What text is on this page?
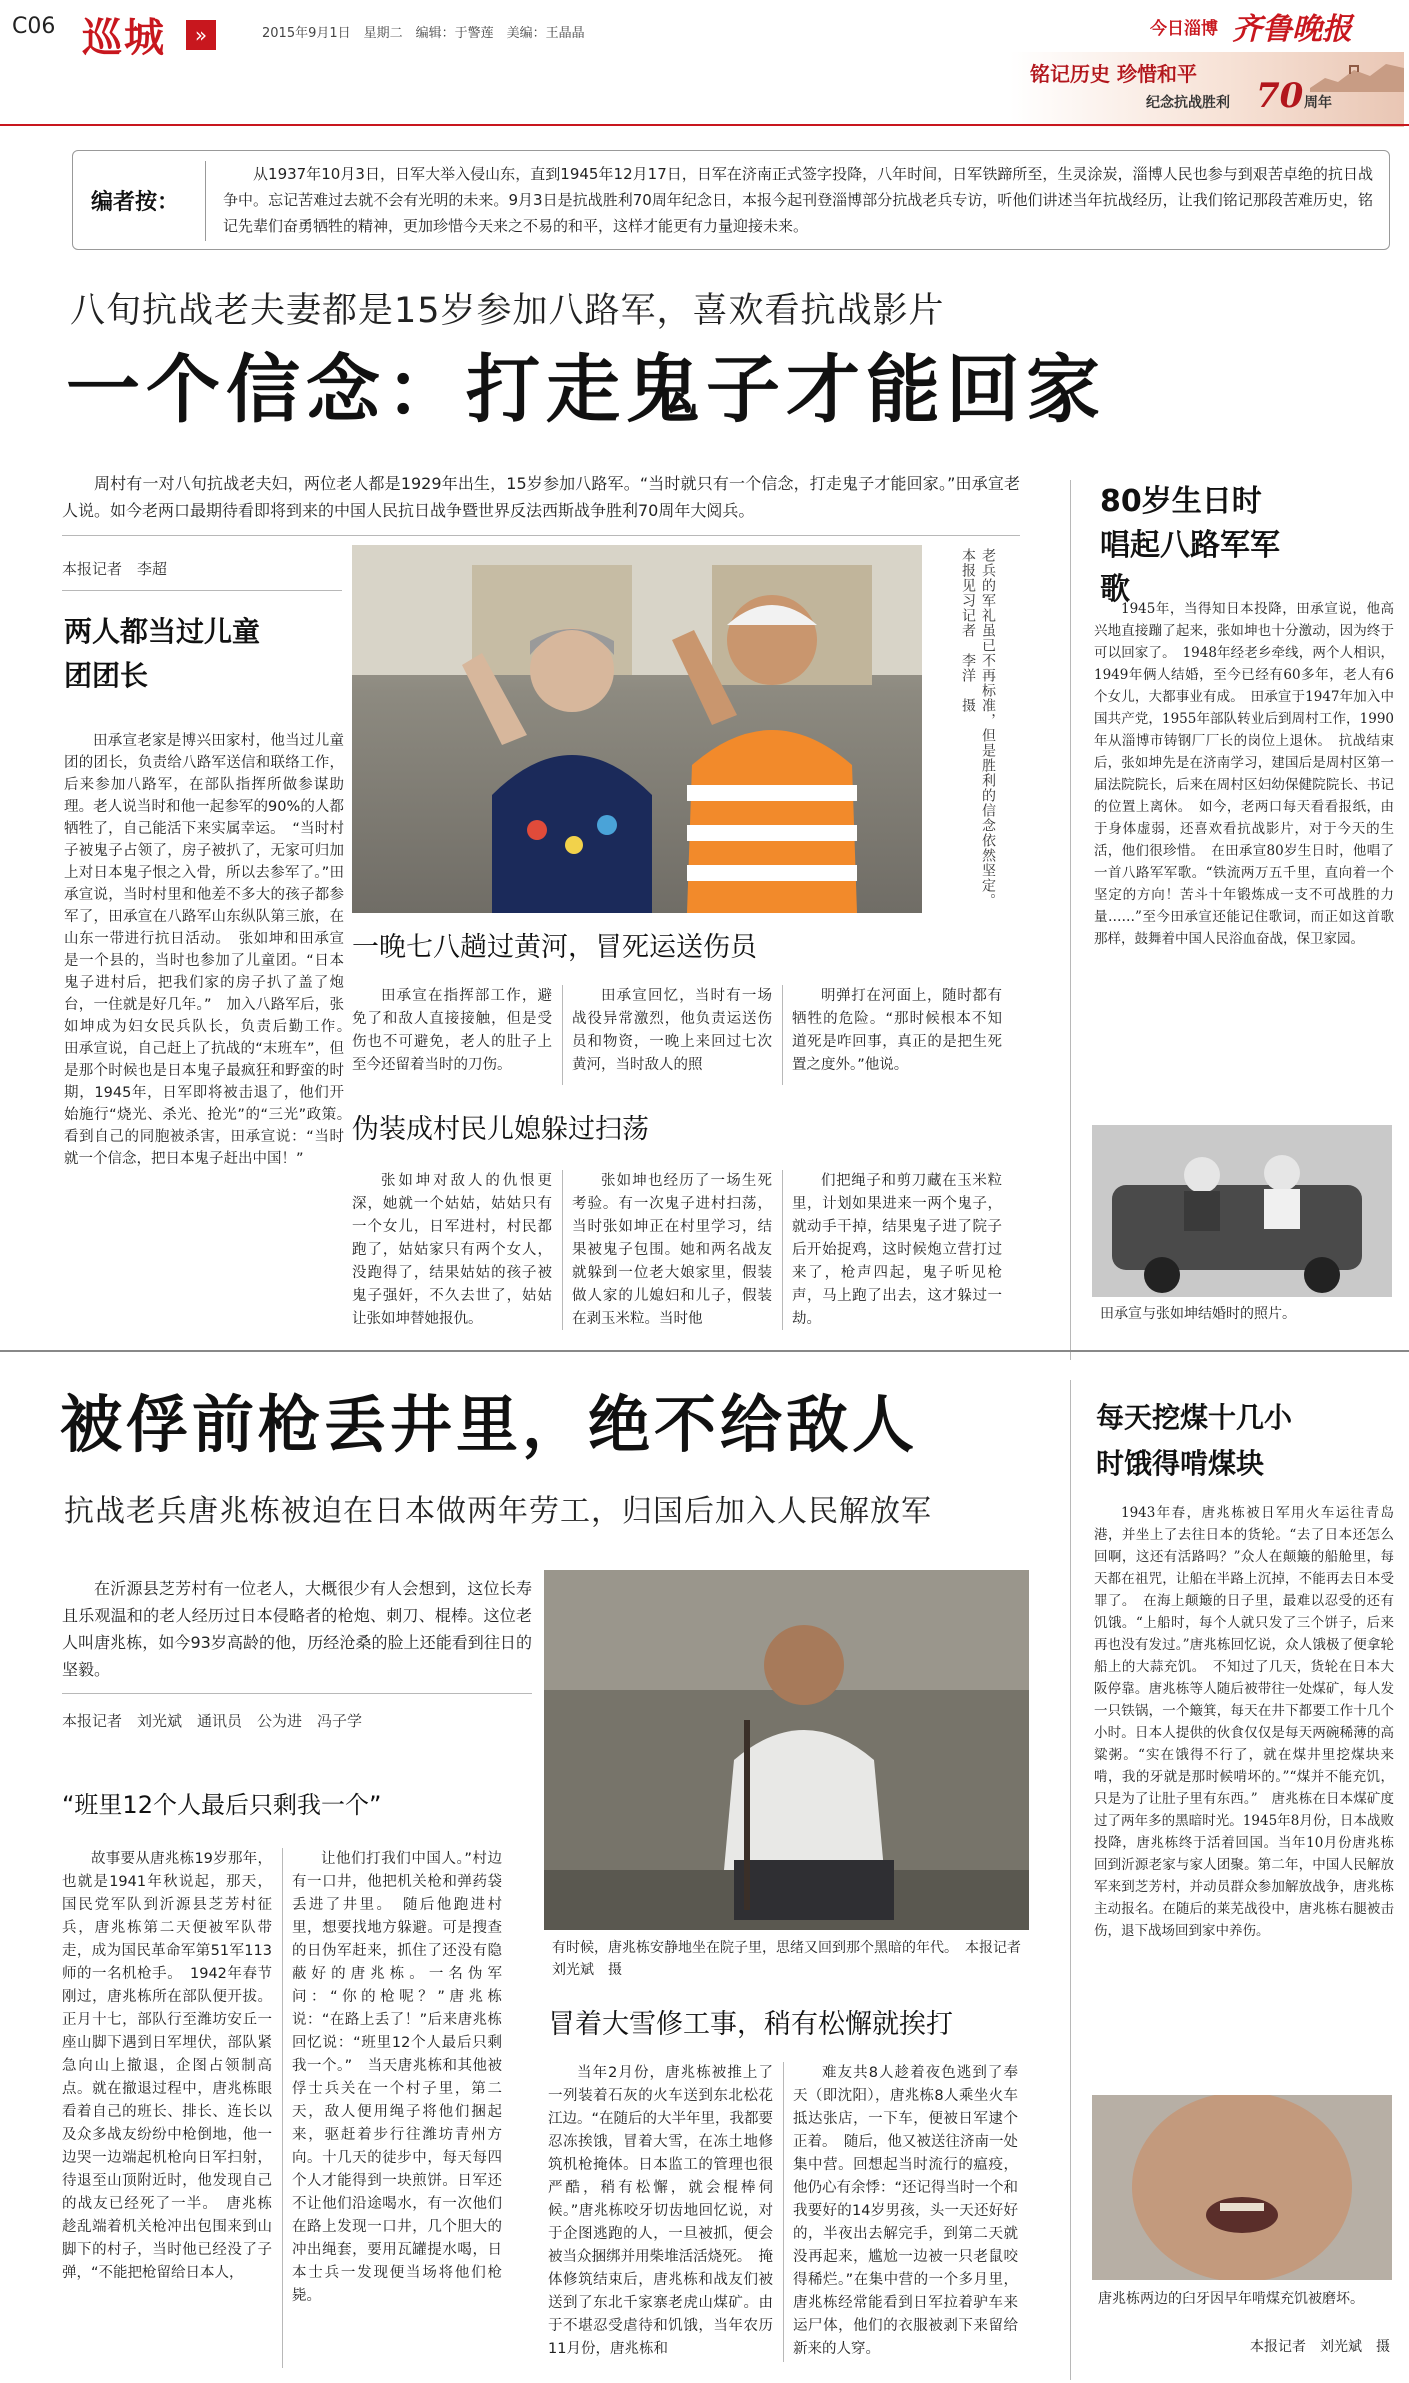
C06 巡城	»	2015年9月1日　星期二　编辑：于警莲　美编：王晶晶	今日淄博 齐鲁晚报
铭记历史 珍惜和平
纪念抗战胜利 70 周年
编者按：

从1937年10月3日，日军大举入侵山东，直到1945年12月17日，日军在济南正式签字投降，八年时间，日军铁蹄所至，生灵涂炭，淄博人民也参与到艰苦卓绝的抗日战争中。忘记苦难过去就不会有光明的未来。9月3日是抗战胜利70周年纪念日，本报今起刊登淄博部分抗战老兵专访，听他们讲述当年抗战经历，让我们铭记那段苦难历史，铭记先辈们奋勇牺牲的精神，更加珍惜今天来之不易的和平，这样才能更有力量迎接未来。

八旬抗战老夫妻都是15岁参加八路军，喜欢看抗战影片
一个信念：打走鬼子才能回家

周村有一对八旬抗战老夫妇，两位老人都是1929年出生，15岁参加八路军。“当时就只有一个信念，打走鬼子才能回家。”田承宣老人说。如今老两口最期待看即将到来的中国人民抗日战争暨世界反法西斯战争胜利70周年大阅兵。

本报记者　李超
两人都当过儿童团团长

田承宣老家是博兴田家村，他当过儿童团的团长，负责给八路军送信和联络工作，后来参加八路军，在部队指挥所做参谋助理。老人说当时和他一起参军的90%的人都牺牲了，自己能活下来实属幸运。　“当时村子被鬼子占领了，房子被扒了，无家可归加上对日本鬼子恨之入骨，所以去参军了。”田承宣说，当时村里和他差不多大的孩子都参军了，田承宣在八路军山东纵队第三旅，在山东一带进行抗日活动。　张如坤和田承宣是一个县的，当时也参加了儿童团。“日本鬼子进村后，把我们家的房子扒了盖了炮台，一住就是好几年。”　加入八路军后，张如坤成为妇女民兵队长，负责后勤工作。　田承宣说，自己赶上了抗战的“末班车”，但是那个时候也是日本鬼子最疯狂和野蛮的时期，1945年，日军即将被击退了，他们开始施行“烧光、杀光、抢光”的“三光”政策。　看到自己的同胞被杀害，田承宣说：“当时就一个信念，把日本鬼子赶出中国！”

老兵的军礼虽已不再标准，但是胜利的信念依然坚定。　本报见习记者　李洋　摄
一晚七八趟过黄河，冒死运送伤员

田承宣在指挥部工作，避免了和敌人直接接触，但是受伤也不可避免，老人的肚子上至今还留着当时的刀伤。

田承宣回忆，当时有一场战役异常激烈，他负责运送伤员和物资，一晚上来回过七次黄河，当时敌人的照

明弹打在河面上，随时都有牺牲的危险。“那时候根本不知道死是咋回事，真正的是把生死置之度外。”他说。

伪装成村民儿媳躲过扫荡

张如坤对敌人的仇恨更深，她就一个姑姑，姑姑只有一个女儿，日军进村，村民都跑了，姑姑家只有两个女人，没跑得了，结果姑姑的孩子被鬼子强奸，不久去世了，姑姑让张如坤替她报仇。

张如坤也经历了一场生死考验。有一次鬼子进村扫荡，当时张如坤正在村里学习，结果被鬼子包围。她和两名战友就躲到一位老大娘家里，假装做人家的儿媳妇和儿子，假装在剥玉米粒。当时他

们把绳子和剪刀藏在玉米粒里，计划如果进来一两个鬼子，就动手干掉，结果鬼子进了院子后开始捉鸡，这时候炮立营打过来了，枪声四起，鬼子听见枪声，马上跑了出去，这才躲过一劫。

80岁生日时唱起八路军军歌

1945年，当得知日本投降，田承宣说，他高兴地直接蹦了起来，张如坤也十分激动，因为终于可以回家了。　1948年经老乡牵线，两个人相识，1949年俩人结婚，至今已经有60多年，老人有6个女儿，大都事业有成。　田承宣于1947年加入中国共产党，1955年部队转业后到周村工作，1990年从淄博市铸钢厂厂长的岗位上退休。　抗战结束后，张如坤先是在济南学习，建国后是周村区第一届法院院长，后来在周村区妇幼保健院院长、书记的位置上离休。　如今，老两口每天看看报纸，由于身体虚弱，还喜欢看抗战影片，对于今天的生活，他们很珍惜。　在田承宣80岁生日时，他唱了一首八路军军歌。“铁流两万五千里，直向着一个坚定的方向！苦斗十年锻炼成一支不可战胜的力量……”至今田承宣还能记住歌词，而正如这首歌那样，鼓舞着中国人民浴血奋战，保卫家园。

田承宣与张如坤结婚时的照片。
被俘前枪丢井里，绝不给敌人
抗战老兵唐兆栋被迫在日本做两年劳工，归国后加入人民解放军

在沂源县芝芳村有一位老人，大概很少有人会想到，这位长寿且乐观温和的老人经历过日本侵略者的枪炮、刺刀、棍棒。这位老人叫唐兆栋，如今93岁高龄的他，历经沧桑的脸上还能看到往日的坚毅。

本报记者　刘光斌　通讯员　公为进　冯子学
“班里12个人最后只剩我一个”

故事要从唐兆栋19岁那年，也就是1941年秋说起，那天，国民党军队到沂源县芝芳村征兵，唐兆栋第二天便被军队带走，成为国民革命军第51军113师的一名机枪手。　1942年春节刚过，唐兆栋所在部队便开拔。正月十七，部队行至潍坊安丘一座山脚下遇到日军埋伏，部队紧急向山上撤退，企图占领制高点。就在撤退过程中，唐兆栋眼看着自己的班长、排长、连长以及众多战友纷纷中枪倒地，他一边哭一边端起机枪向日军扫射，待退至山顶附近时，他发现自己的战友已经死了一半。　唐兆栋趁乱端着机关枪冲出包围来到山脚下的村子，当时他已经没了子弹，“不能把枪留给日本人，

让他们打我们中国人。”村边有一口井，他把机关枪和弹药袋丢进了井里。　随后他跑进村里，想要找地方躲避。可是搜查的日伪军赶来，抓住了还没有隐蔽好的唐兆栋。一名伪军问：“你的枪呢？”唐兆栋说：“在路上丢了！”后来唐兆栋回忆说：“班里12个人最后只剩我一个。”　当天唐兆栋和其他被俘士兵关在一个村子里，第二天，敌人便用绳子将他们捆起来，驱赶着步行往潍坊青州方向。十几天的徒步中，每天每四个人才能得到一块煎饼。日军还不让他们沿途喝水，有一次他们在路上发现一口井，几个胆大的冲出绳套，要用瓦罐提水喝，日本士兵一发现便当场将他们枪毙。

有时候，唐兆栋安静地坐在院子里，思绪又回到那个黑暗的年代。　本报记者　刘光斌　摄
冒着大雪修工事，稍有松懈就挨打

当年2月份，唐兆栋被推上了一列装着石灰的火车送到东北松花江边。“在随后的大半年里，我都要忍冻挨饿，冒着大雪，在冻土地修筑机枪掩体。日本监工的管理也很严酷，稍有松懈，就会棍棒伺候。”唐兆栋咬牙切齿地回忆说，对于企图逃跑的人，一旦被抓，便会被当众捆绑并用柴堆活活烧死。　掩体修筑结束后，唐兆栋和战友们被送到了东北千家寨老虎山煤矿。由于不堪忍受虐待和饥饿，当年农历11月份，唐兆栋和

难友共8人趁着夜色逃到了奉天（即沈阳），唐兆栋8人乘坐火车抵达张店，一下车，便被日军逮个正着。　随后，他又被送往济南一处集中营。回想起当时流行的瘟疫，他仍心有余悸：“还记得当时一个和我要好的14岁男孩，头一天还好好的，半夜出去解完手，到第二天就没再起来，尴尬一边被一只老鼠咬得稀烂。”在集中营的一个多月里，唐兆栋经常能看到日军拉着驴车来运尸体，他们的衣服被剥下来留给新来的人穿。

每天挖煤十几小时饿得啃煤块

1943年春，唐兆栋被日军用火车运往青岛港，并坐上了去往日本的货轮。“去了日本还怎么回啊，这还有活路吗？”众人在颠簸的船舱里，每天都在祖咒，让船在半路上沉掉，不能再去日本受罪了。　在海上颠簸的日子里，最难以忍受的还有饥饿。“上船时，每个人就只发了三个饼子，后来再也没有发过。”唐兆栋回忆说，众人饿极了便拿轮船上的大蒜充饥。　不知过了几天，货轮在日本大阪停靠。唐兆栋等人随后被带往一处煤矿，每人发一只铁锅，一个簸箕，每天在井下都要工作十几个小时。日本人提供的伙食仅仅是每天两碗稀薄的高粱粥。“实在饿得不行了，就在煤井里挖煤块来啃，我的牙就是那时候啃坏的。”“煤并不能充饥，只是为了让肚子里有东西。”　唐兆栋在日本煤矿度过了两年多的黑暗时光。1945年8月份，日本战败投降，唐兆栋终于活着回国。当年10月份唐兆栋回到沂源老家与家人团聚。第二年，中国人民解放军来到芝芳村，并动员群众参加解放战争，唐兆栋主动报名。在随后的莱芜战役中，唐兆栋右腿被击伤，退下战场回到家中养伤。

唐兆栋两边的臼牙因早年啃煤充饥被磨坏。
本报记者　刘光斌　摄
